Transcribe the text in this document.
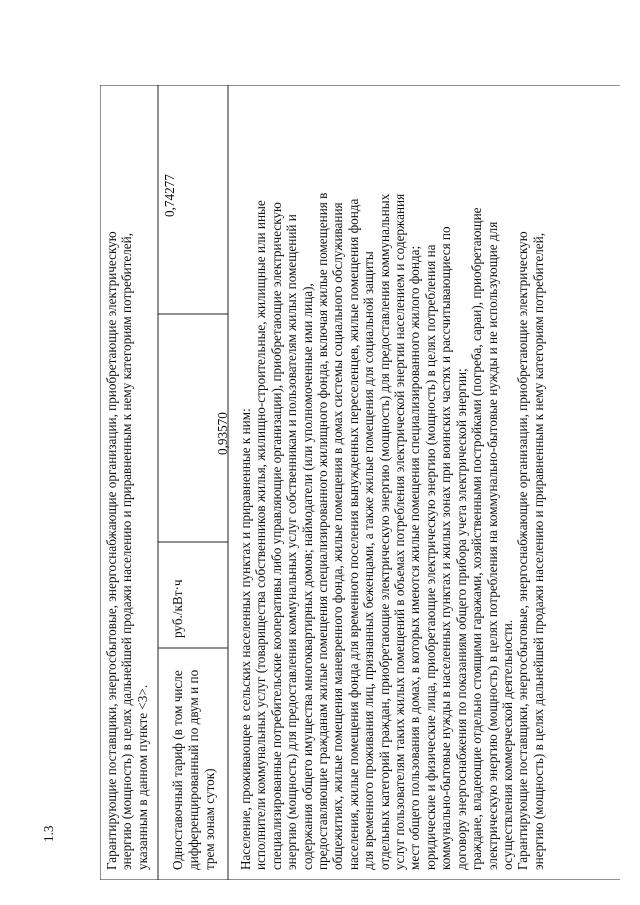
Гарантирующие поставщики, энергосбытовые, энергоснабжающие организации, приобретающие электрическую энергию (мощность) в целях дальнейшей продажи населению и приравненным к нему категориям потребителей, указанным в данном пункте <3>. Одноставочный тариф (в том числе дифференцированный по двум и по трем зонам суток)
руб./кВт·ч
0,93570
0,74277
Население, проживающее в сельских населенных пунктах и приравненные к ним: исполнители коммунальных услуг (товарищества собственников жилья, жилищно-строительные, жилищные или иные специализированные потребительские кооперативы либо управляющие организации), приобретающие электрическую энергию (мощность) для предоставления коммунальных услуг собственникам и пользователям жилых помещений и содержания общего имущества многоквартирных домов; наймодатели (или уполномоченные ими лица), предоставляющие гражданам жилые помещения специализированного жилищного фонда, включая жилые помещения в общежитиях, жилые помещения маневренного фонда, жилые помещения в домах системы социального обслуживания населения, жилые помещения фонда для временного поселения вынужденных переселенцев, жилые помещения фонда для временного проживания лиц, признанных беженцами, а также жилые помещения для социальной защиты отдельных категорий граждан, приобретающие электрическую энергию (мощность) для предоставления коммунальных услуг пользователям таких жилых помещений в объемах потребления электрической энергии населением и содержания мест общего пользования в домах, в которых имеются жилые помещения специализированного жилого фонда; юридические и физические лица, приобретающие электрическую энергию (мощность) в целях потребления на коммунально-бытовые нужды в населенных пунктах и жилых зонах при воинских частях и рассчитывающиеся по договору энергоснабжения по показаниям общего прибора учета электрической энергии; граждане, владеющие отдельно стоящими гаражами, хозяйственными постройками (погреба, сараи), приобретающие электрическую энергию (мощность) в целях потребления на коммунально-бытовые нужды и не использующие для осуществления коммерческой деятельности. Гарантирующие поставщики, энергосбытовые, энергоснабжающие организации, приобретающие электрическую энергию (мощность) в целях дальнейшей продажи населению и приравненным к нему категориям потребителей,
1.3
